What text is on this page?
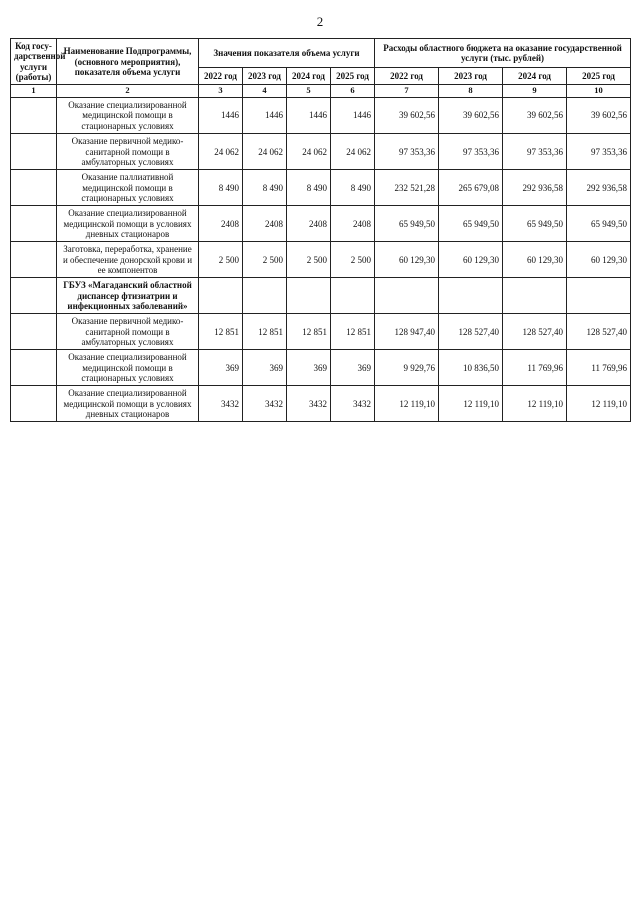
2
Код госу-дарственной услуги (работы)	Наименование Подпрограммы, (основного мероприятия), показателя объема услуги	Значения показателя объема услуги				Расходы областного бюджета на оказание государственной услуги (тыс. рублей)			
		2022 год	2023 год	2024 год	2025 год	2022 год	2023 год	2024 год	2025 год
1	2	3	4	5	6	7	8	9	10
	Оказание специализированной медицинской помощи в стационарных условиях	1446	1446	1446	1446	39 602,56	39 602,56	39 602,56	39 602,56
	Оказание первичной медико-санитарной помощи в амбулаторных условиях	24 062	24 062	24 062	24 062	97 353,36	97 353,36	97 353,36	97 353,36
	Оказание паллиативной медицинской помощи в стационарных условиях	8 490	8 490	8 490	8 490	232 521,28	265 679,08	292 936,58	292 936,58
	Оказание специализированной медицинской помощи в условиях дневных стационаров	2408	2408	2408	2408	65 949,50	65 949,50	65 949,50	65 949,50
	Заготовка, переработка, хранение и обеспечение донорской крови и ее компонентов	2 500	2 500	2 500	2 500	60 129,30	60 129,30	60 129,30	60 129,30
	ГБУЗ «Магаданский областной диспансер фтизиатрии и инфекционных заболеваний»								
	Оказание первичной медико-санитарной помощи в амбулаторных условиях	12 851	12 851	12 851	12 851	128 947,40	128 527,40	128 527,40	128 527,40
	Оказание специализированной медицинской помощи в стационарных условиях	369	369	369	369	9 929,76	10 836,50	11 769,96	11 769,96
	Оказание специализированной медицинской помощи в условиях дневных стационаров	3432	3432	3432	3432	12 119,10	12 119,10	12 119,10	12 119,10
